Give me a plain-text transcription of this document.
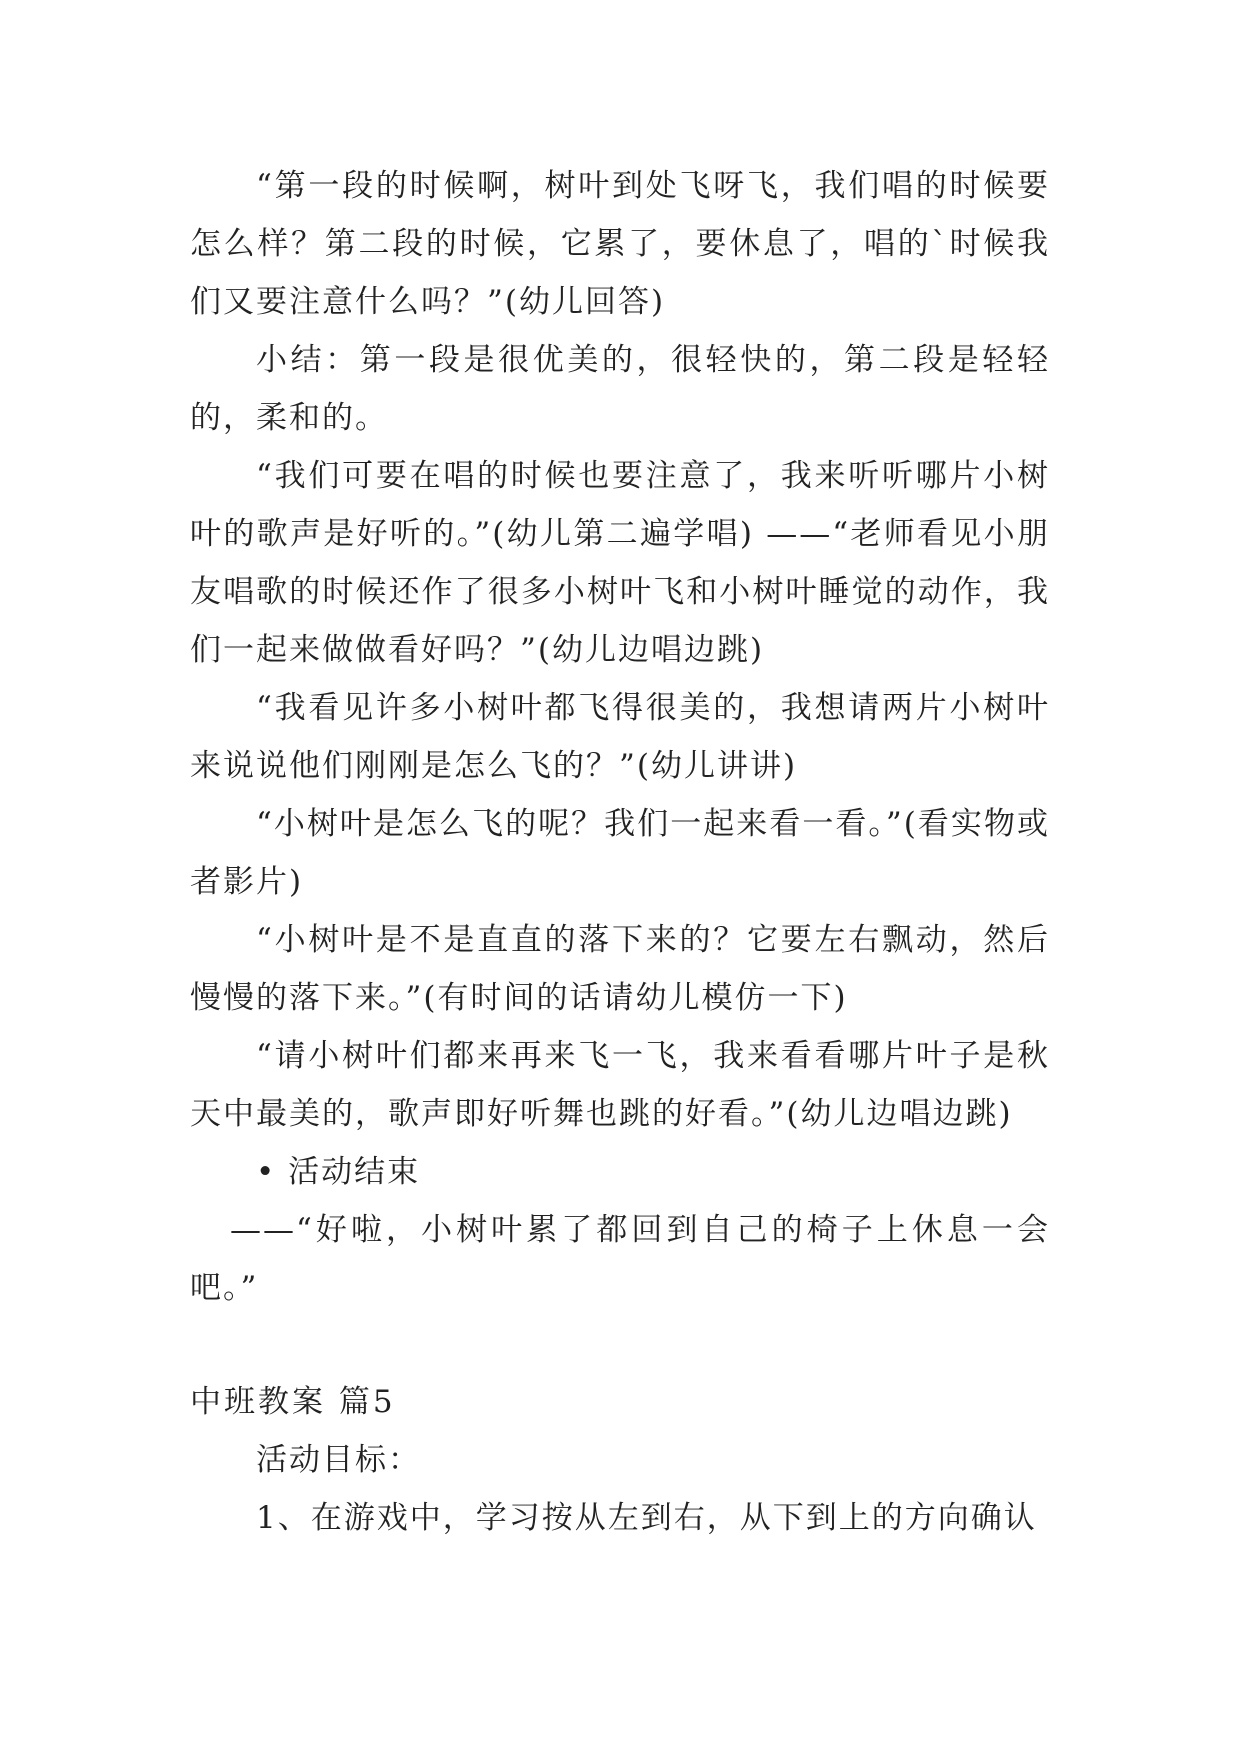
“第一段的时候啊，树叶到处飞呀飞，我们唱的时候要怎么样？第二段的时候，它累了，要休息了，唱的`时候我们又要注意什么吗？”(幼儿回答)

小结：第一段是很优美的，很轻快的，第二段是轻轻的，柔和的。

“我们可要在唱的时候也要注意了，我来听听哪片小树叶的歌声是好听的。”(幼儿第二遍学唱) ——“老师看见小朋友唱歌的时候还作了很多小树叶飞和小树叶睡觉的动作，我们一起来做做看好吗？”(幼儿边唱边跳)

“我看见许多小树叶都飞得很美的，我想请两片小树叶来说说他们刚刚是怎么飞的？”(幼儿讲讲)

“小树叶是怎么飞的呢？我们一起来看一看。”(看实物或者影片)

“小树叶是不是直直的落下来的？它要左右飘动，然后慢慢的落下来。”(有时间的话请幼儿模仿一下)

“请小树叶们都来再来飞一飞，我来看看哪片叶子是秋天中最美的，歌声即好听舞也跳的好看。”(幼儿边唱边跳)

• 活动结束

——“好啦，小树叶累了都回到自己的椅子上休息一会吧。”

中班教案 篇5

活动目标：

1、在游戏中，学习按从左到右，从下到上的方向确认
